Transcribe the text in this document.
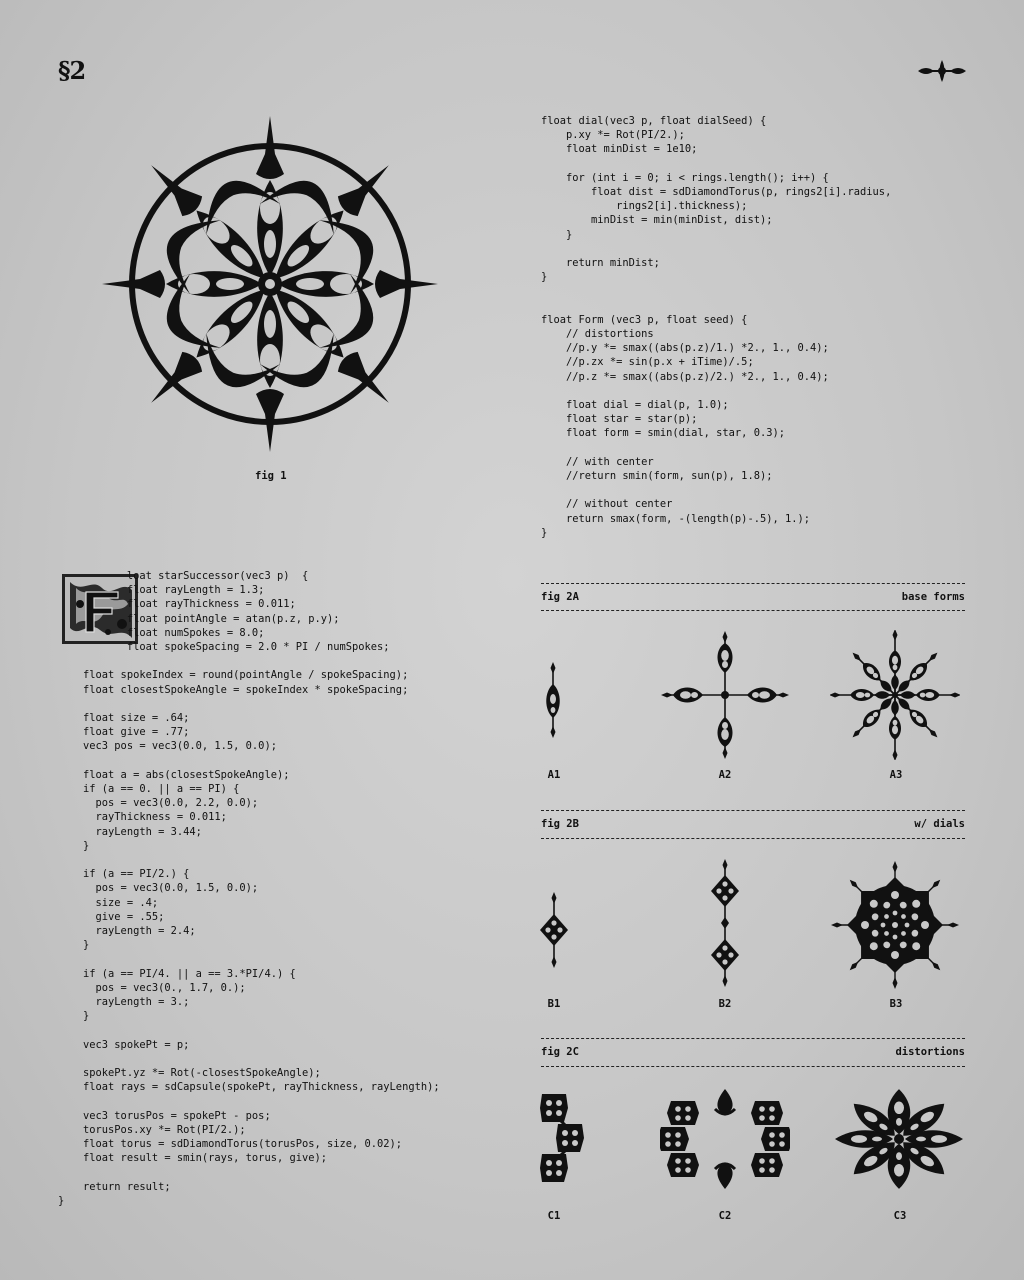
§2
fig 1
float dial(vec3 p, float dialSeed) {
p.xy *= Rot(PI/2.);
float minDist = 1e10;

for (int i = 0; i < rings.length(); i++) {
float dist = sdDiamondTorus(p, rings2[i].radius,
rings2[i].thickness);
minDist = min(minDist, dist);
}

return minDist;
}

float Form (vec3 p, float seed) {
// distortions
//p.y *= smax((abs(p.z)/1.) *2., 1., 0.4);
//p.zx *= sin(p.x + iTime)/.5;
//p.z *= smax((abs(p.z)/2.) *2., 1., 0.4);

float dial = dial(p, 1.0);
float star = star(p);
float form = smin(dial, star, 0.3);

// with center
//return smin(form, sun(p), 1.8);

// without center
return smax(form, -(length(p)-.5), 1.);
}
loat starSuccessor(vec3 p)  {
float rayLength = 1.3;
float rayThickness = 0.011;
float pointAngle = atan(p.z, p.y);
float numSpokes = 8.0;
float spokeSpacing = 2.0 * PI / numSpokes;

float spokeIndex = round(pointAngle / spokeSpacing);
float closestSpokeAngle = spokeIndex * spokeSpacing;

float size = .64;
float give = .77;
vec3 pos = vec3(0.0, 1.5, 0.0);

float a = abs(closestSpokeAngle);
if (a == 0. || a == PI) {
pos = vec3(0.0, 2.2, 0.0);
rayThickness = 0.011;
rayLength = 3.44;
}

if (a == PI/2.) {
pos = vec3(0.0, 1.5, 0.0);
size = .4;
give = .55;
rayLength = 2.4;
}

if (a == PI/4. || a == 3.*PI/4.) {
pos = vec3(0., 1.7, 0.);
rayLength = 3.;
}

vec3 spokePt = p;

spokePt.yz *= Rot(-closestSpokeAngle);
float rays = sdCapsule(spokePt, rayThickness, rayLength);

vec3 torusPos = spokePt - pos;
torusPos.xy *= Rot(PI/2.);
float torus = sdDiamondTorus(torusPos, size, 0.02);
float result = smin(rays, torus, give);

return result;
}
fig 2A	base forms
A1	A2	A3
fig 2B	w/ dials
B1	B2	B3
fig 2C	distortions
C1	C2	C3
